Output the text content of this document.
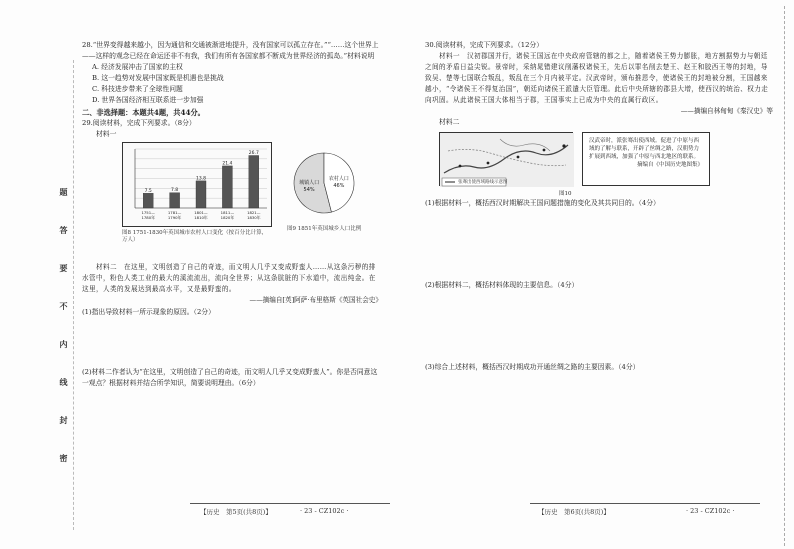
题
答
要
不
内
线
封
密
28.“世界变得越来越小，因为通信和交通被渐进地提升，没有国家可以孤立存在。”“……这个世界上——这样的观念已经在命运还非不有我，我们有所有各国家都不断成为世界经济的孤岛。”材料说明
A. 经济发展冲击了国家的主权
B. 这一趋势对发展中国家既是机遇也是挑战
C. 科技进步带来了全球性问题
D. 世界各国经济相互联系进一步加强
二、非选择题：本题共4题，共44分。
29.阅读材料，完成下列要求。（8分）
材料一
7.5
1751—
1780年
7.8
1781—
1790年
13.8
1801—
1810年
21.4
1811—
1820年
26.7
1821—
1830年
图8 1751-1830年英国城市农村人口变化（按百分比计算，万人）
城镇人口
54%
农村人口
46%
图9 1851年英国城乡人口比例
材料二　在这里，文明创造了自己的奇迹，而文明人几乎又变成野蛮人……从这条污秽的排水管中，粉色人类工业的最大的溪流流出，流向全世界；从这条肮脏的下水道中，流出纯金。在这里，人类的发展达到最高水平，又是最野蛮的。
——摘编自[英]阿萨·布里格斯《英国社会史》
(1)指出导致材料一所示现象的原因。（2分）
(2)材料二作者认为“在这里，文明创造了自己的奇迹，而文明人几乎又变成野蛮人”。你是否同意这一观点？根据材料并结合所学知识，简要说明理由。（6分）
30.阅读材料，完成下列要求。（12分）
材料一　汉初郡国并行，诸侯王国远在中央政府管辖的都之上，随着诸侯王势力膨胀，地方割据势力与朝廷之间的矛盾日益尖锐。景帝时，采纳晁错建议削藩权诸侯王，先后以罪名削去楚王、赵王和胶西王等的封地，导致吴、楚等七国联合叛乱，叛乱在三个月内被平定。汉武帝时，颁布推恩令，使诸侯王的封地被分割，王国越来越小，“令诸侯王不得复治国”，朝廷向诸侯王派遣大臣管理。此后中央所辖的郡县大增，使西汉的统治、权力走向巩固。从此诸侯王国大体相当于郡，王国事实上已成为中央的直属行政区。
——摘编自林甸甸《秦汉史》等
材料二
张骞出使西域路线示意图
汉武帝时，派张骞出使西域。促进了中原与西域的了解与联系，开辟了丝绸之路，汉朝势力扩展到西域，加强了中原与西北地区的联系。
摘编自《中国历史地图集》
图10
(1)根据材料一，概括西汉时期解决王国问题措施的变化及其共同目的。（4分）
(2)根据材料二，概括材料体现的主要信息。（4分）
(3)综合上述材料，概括西汉时期成功开通丝绸之路的主要因素。（4分）
【历史　第5页(共8页)】	· 23 - CZ102c ·	【历史　第6页(共8页)】	· 23 - CZ102c ·
